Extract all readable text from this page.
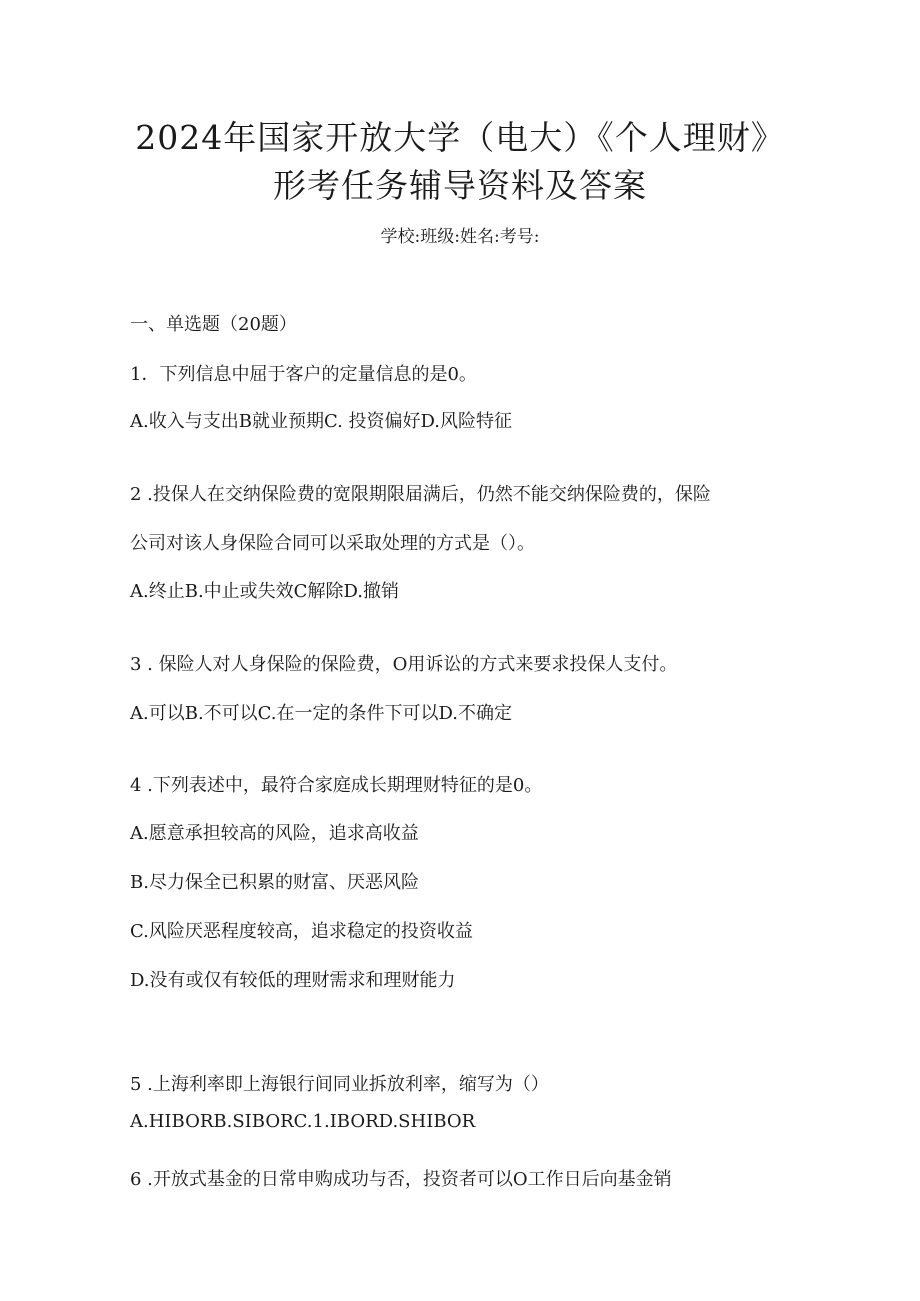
2024年国家开放大学（电大）《个人理财》
形考任务辅导资料及答案
学校:班级:姓名:考号:
一、单选题（20题）
1．下列信息中屈于客户的定量信息的是0。
A.收入与支出B就业预期C. 投资偏好D.风险特征
2 .投保人在交纳保险费的宽限期限届满后，仍然不能交纳保险费的，保险
公司对该人身保险合同可以采取处理的方式是（）。
A.终止B.中止或失效C解除D.撤销
3 . 保险人对人身保险的保险费，O用诉讼的方式来要求投保人支付。
A.可以B.不可以C.在一定的条件下可以D.不确定
4 .下列表述中，最符合家庭成长期理财特征的是0。
A.愿意承担较高的风险，追求高收益
B.尽力保全已积累的财富、厌恶风险
C.风险厌恶程度较高，追求稳定的投资收益
D.没有或仅有较低的理财需求和理财能力
5 .上海利率即上海银行间同业拆放利率，缩写为（）
A.HIBORB.SIBORC.1.IBORD.SHIBOR
6 .开放式基金的日常申购成功与否，投资者可以O工作日后向基金销
